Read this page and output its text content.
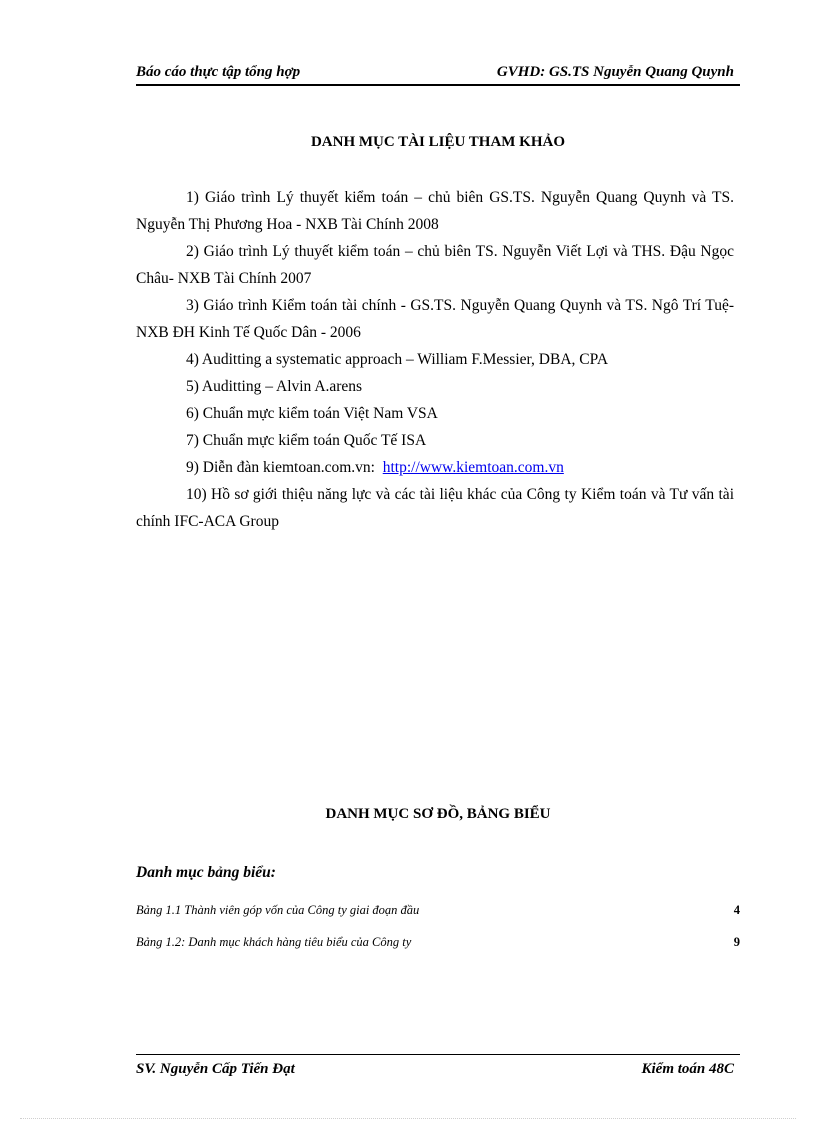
Báo cáo thực tập tổng hợp	GVHD: GS.TS Nguyễn Quang Quynh
DANH MỤC TÀI LIỆU THAM KHẢO

1) Giáo trình Lý thuyết kiểm toán – chủ biên GS.TS. Nguyễn Quang Quynh và TS. Nguyễn Thị Phương Hoa - NXB Tài Chính 2008

2) Giáo trình Lý thuyết kiểm toán – chủ biên TS. Nguyễn Viết Lợi và THS. Đậu Ngọc Châu- NXB Tài Chính 2007

3) Giáo trình Kiểm toán tài chính - GS.TS. Nguyễn Quang Quynh và TS. Ngô Trí Tuệ- NXB ĐH Kinh Tế Quốc Dân - 2006

4) Auditting a systematic approach – William F.Messier, DBA, CPA

5) Auditting – Alvin A.arens

6) Chuẩn mực kiểm toán Việt Nam VSA

7) Chuẩn mực kiểm toán Quốc Tế ISA

9) Diễn đàn kiemtoan.com.vn: http://www.kiemtoan.com.vn

10) Hồ sơ giới thiệu năng lực và các tài liệu khác của Công ty Kiểm toán và Tư vấn tài chính IFC-ACA Group

DANH MỤC SƠ ĐỒ, BẢNG BIỂU
Danh mục bảng biểu:
Bảng 1.1 Thành viên góp vốn của Công ty giai đoạn đầu	4
Bảng 1.2: Danh mục khách hàng tiêu biểu của Công ty	9
SV. Nguyễn Cấp Tiến Đạt	Kiểm toán 48C
